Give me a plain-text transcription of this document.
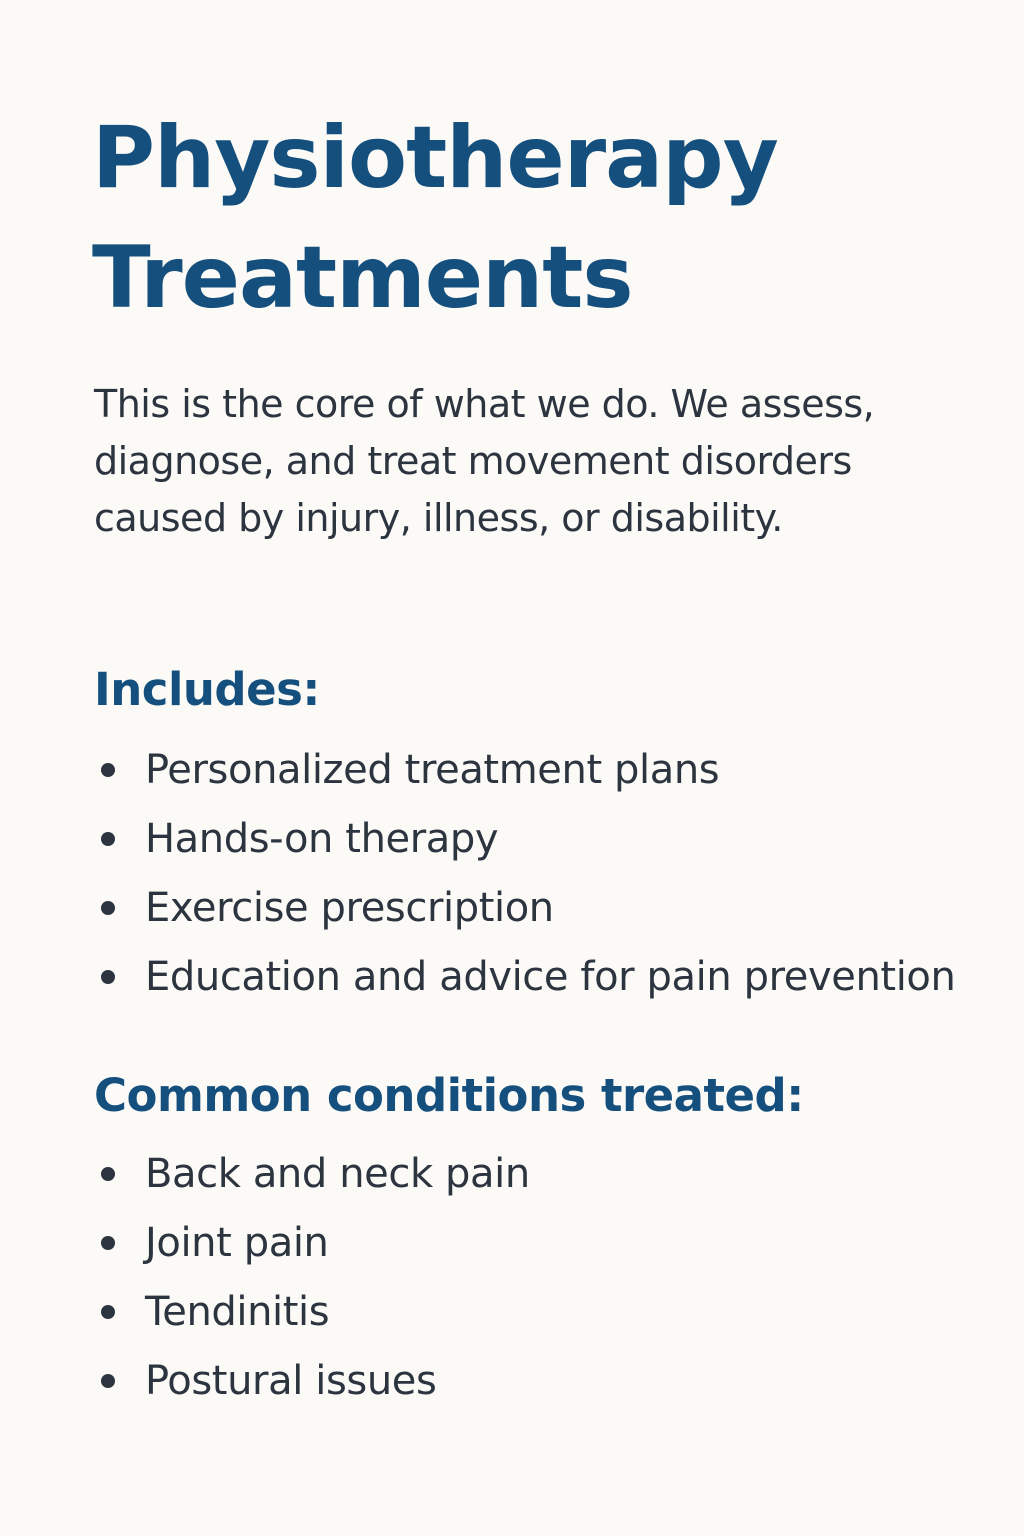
Physiotherapy
Treatments

This is the core of what we do. We assess, diagnose, and treat movement disorders caused by injury, illness, or disability.

Includes:
Personalized treatment plans
Hands-on therapy
Exercise prescription
Education and advice for pain prevention
Common conditions treated:
Back and neck pain
Joint pain
Tendinitis
Postural issues
